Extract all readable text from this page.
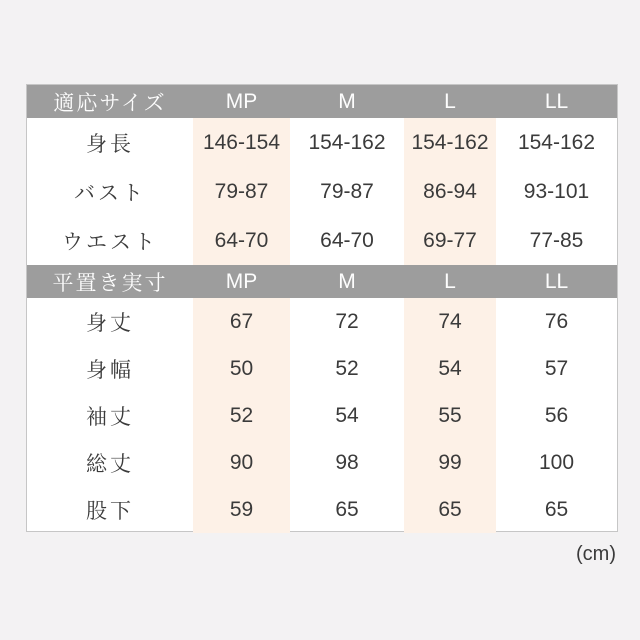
適応サイズ	MP	M	L	LL
身長	146-154	154-162	154-162	154-162
バスト	79-87	79-87	86-94	93-101
ウエスト	64-70	64-70	69-77	77-85
平置き実寸	MP	M	L	LL
身丈	67	72	74	76
身幅	50	52	54	57
袖丈	52	54	55	56
総丈	90	98	99	100
股下	59	65	65	65
(cm)
